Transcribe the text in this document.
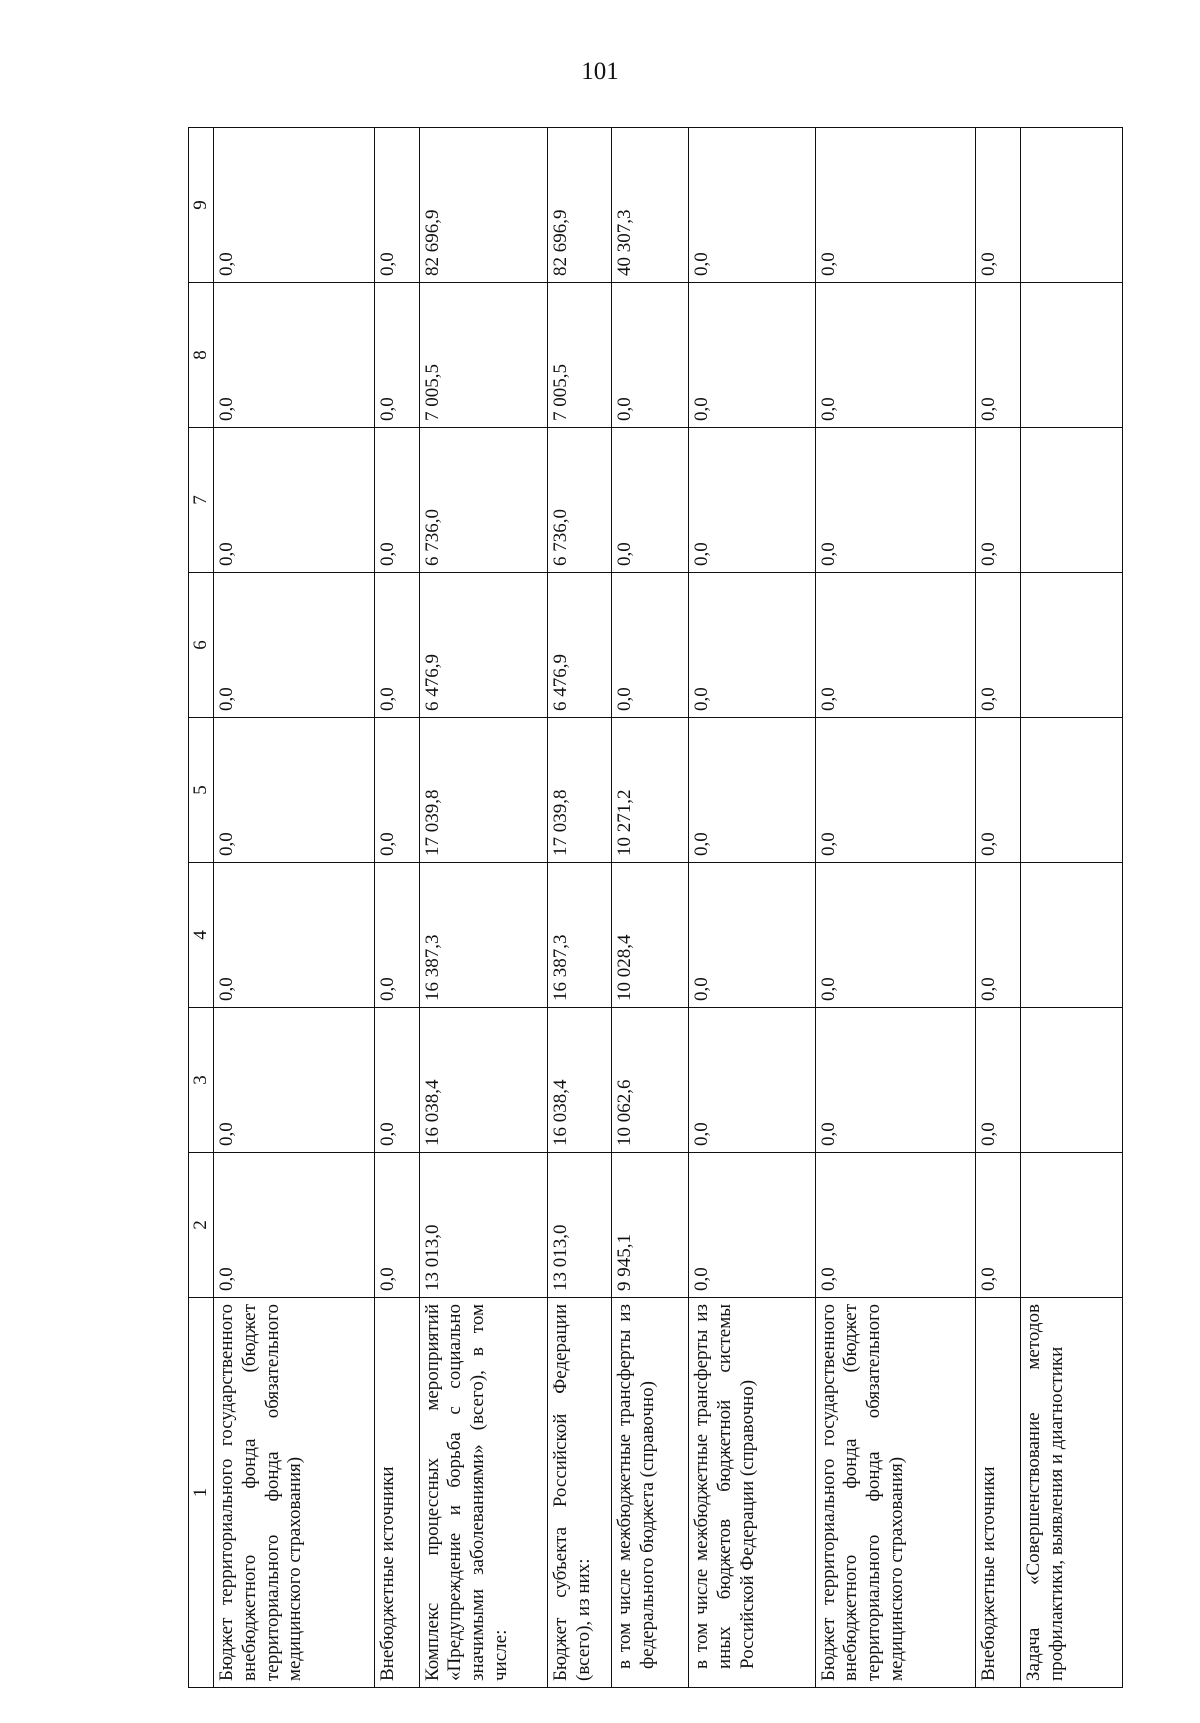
101
1	2	3	4	5	6	7	8	9
Бюджет территориального государственного внебюджетного фонда (бюджет территориального фонда обязательного медицинского страхования)	0,0	0,0	0,0	0,0	0,0	0,0	0,0	0,0
Внебюджетные источники	0,0	0,0	0,0	0,0	0,0	0,0	0,0	0,0
Комплекс процессных мероприятий «Предупреждение и борьба с социально значимыми заболеваниями» (всего), в том числе:	13 013,0	16 038,4	16 387,3	17 039,8	6 476,9	6 736,0	7 005,5	82 696,9
Бюджет субъекта Российской Федерации (всего), из них:	13 013,0	16 038,4	16 387,3	17 039,8	6 476,9	6 736,0	7 005,5	82 696,9
в том числе межбюджетные трансферты из федерального бюджета (справочно)	9 945,1	10 062,6	10 028,4	10 271,2	0,0	0,0	0,0	40 307,3
в том числе межбюджетные трансферты из иных бюджетов бюджетной системы Российской Федерации (справочно)	0,0	0,0	0,0	0,0	0,0	0,0	0,0	0,0
Бюджет территориального государственного внебюджетного фонда (бюджет территориального фонда обязательного медицинского страхования)	0,0	0,0	0,0	0,0	0,0	0,0	0,0	0,0
Внебюджетные источники	0,0	0,0	0,0	0,0	0,0	0,0	0,0	0,0
Задача «Совершенствование методов профилактики, выявления и диагностики								
